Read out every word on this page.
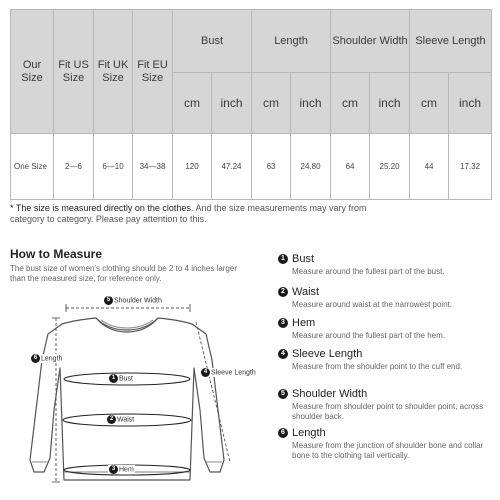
Our Size	Fit US Size	Fit UK Size	Fit EU Size	Bust		Length		Shoulder Width		Sleeve Length	
				cm	inch	cm	inch	cm	inch	cm	inch
One Size	2—6	6—10	34—38	120	47.24	63	24.80	64	25.20	44	17.32
* The size is measured directly on the clothes. And the size measurements may vary from category to category. Please pay attention to this.
How to Measure
The bust size of women's clothing should be 2 to 4 inches larger than the measured size, for reference only.
5 Shoulder Width
6 Length
4 Sleeve Length
1 Bust
2 Waist
3 Hem
1 Bust
Measure around the fullest part of the bust.
2 Waist
Measure around waist at the narrowest point.
3 Hem
Measure around the fullest part of the hem.
4 Sleeve Length
Measure from the shoulder point to the cuff end.
5 Shoulder Width
Measure from shoulder point to shoulder point, across shoulder back.
6 Length
Measure from the junction of shoulder bone and collar bone to the clothing tail vertically.
